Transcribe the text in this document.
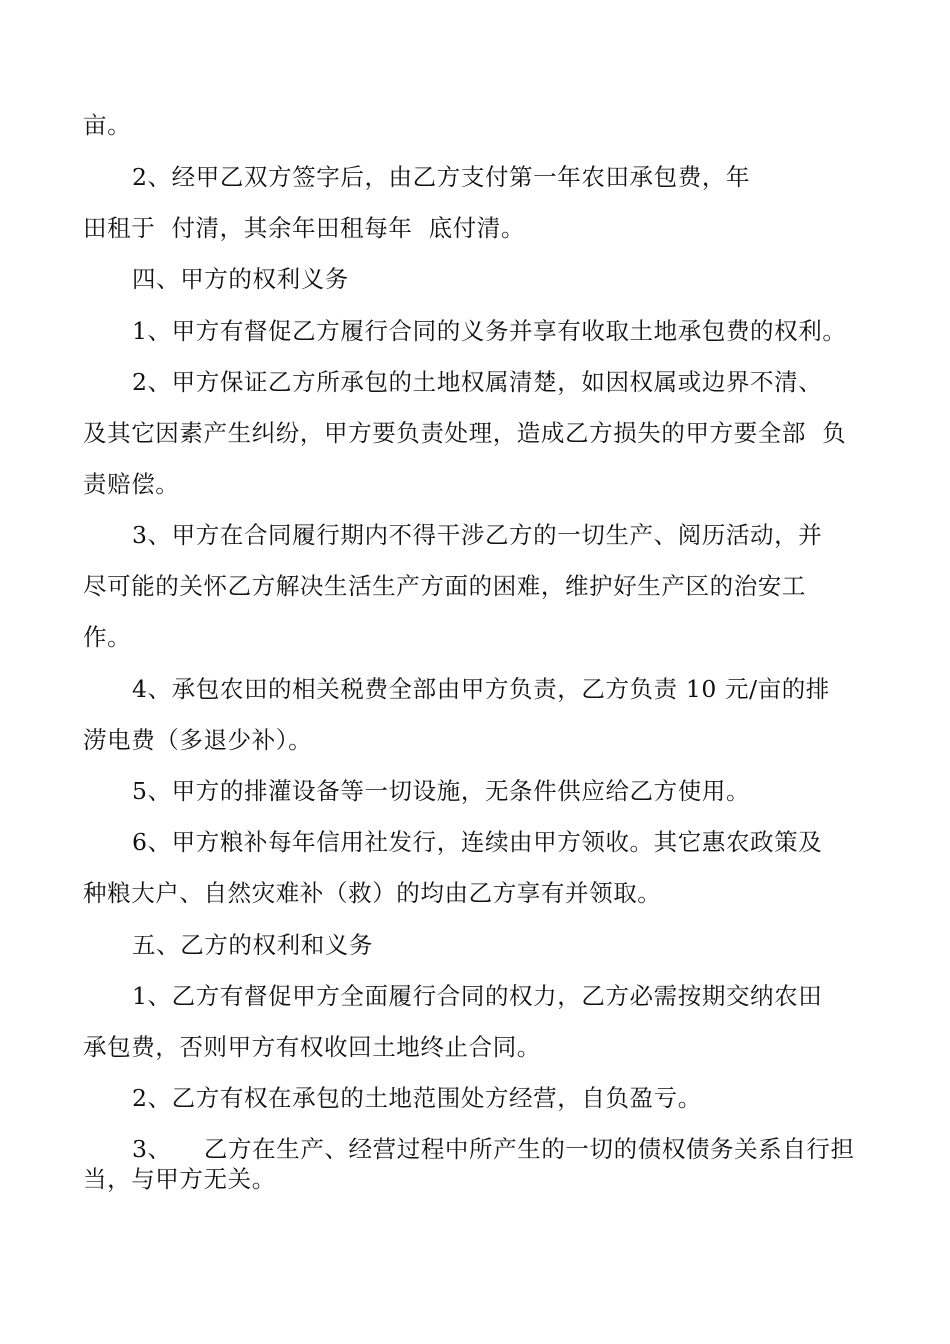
亩。
2、经甲乙双方签字后，由乙方支付第一年农田承包费，年
田租于  付清，其余年田租每年  底付清。
四、甲方的权利义务
1、甲方有督促乙方履行合同的义务并享有收取土地承包费的权利。
2、甲方保证乙方所承包的土地权属清楚，如因权属或边界不清、
及其它因素产生纠纷，甲方要负责处理，造成乙方损失的甲方要全部  负
责赔偿。
3、甲方在合同履行期内不得干涉乙方的一切生产、阅历活动，并
尽可能的关怀乙方解决生活生产方面的困难，维护好生产区的治安工
作。
4、承包农田的相关税费全部由甲方负责，乙方负责 10 元/亩的排
涝电费（多退少补）。
5、甲方的排灌设备等一切设施，无条件供应给乙方使用。
6、甲方粮补每年信用社发行，连续由甲方领收。其它惠农政策及
种粮大户、自然灾难补（救）的均由乙方享有并领取。
五、乙方的权利和义务
1、乙方有督促甲方全面履行合同的权力，乙方必需按期交纳农田
承包费，否则甲方有权收回土地终止合同。
2、乙方有权在承包的土地范围处方经营，自负盈亏。
3、    乙方在生产、经营过程中所产生的一切的债权债务关系自行担
当，与甲方无关。
